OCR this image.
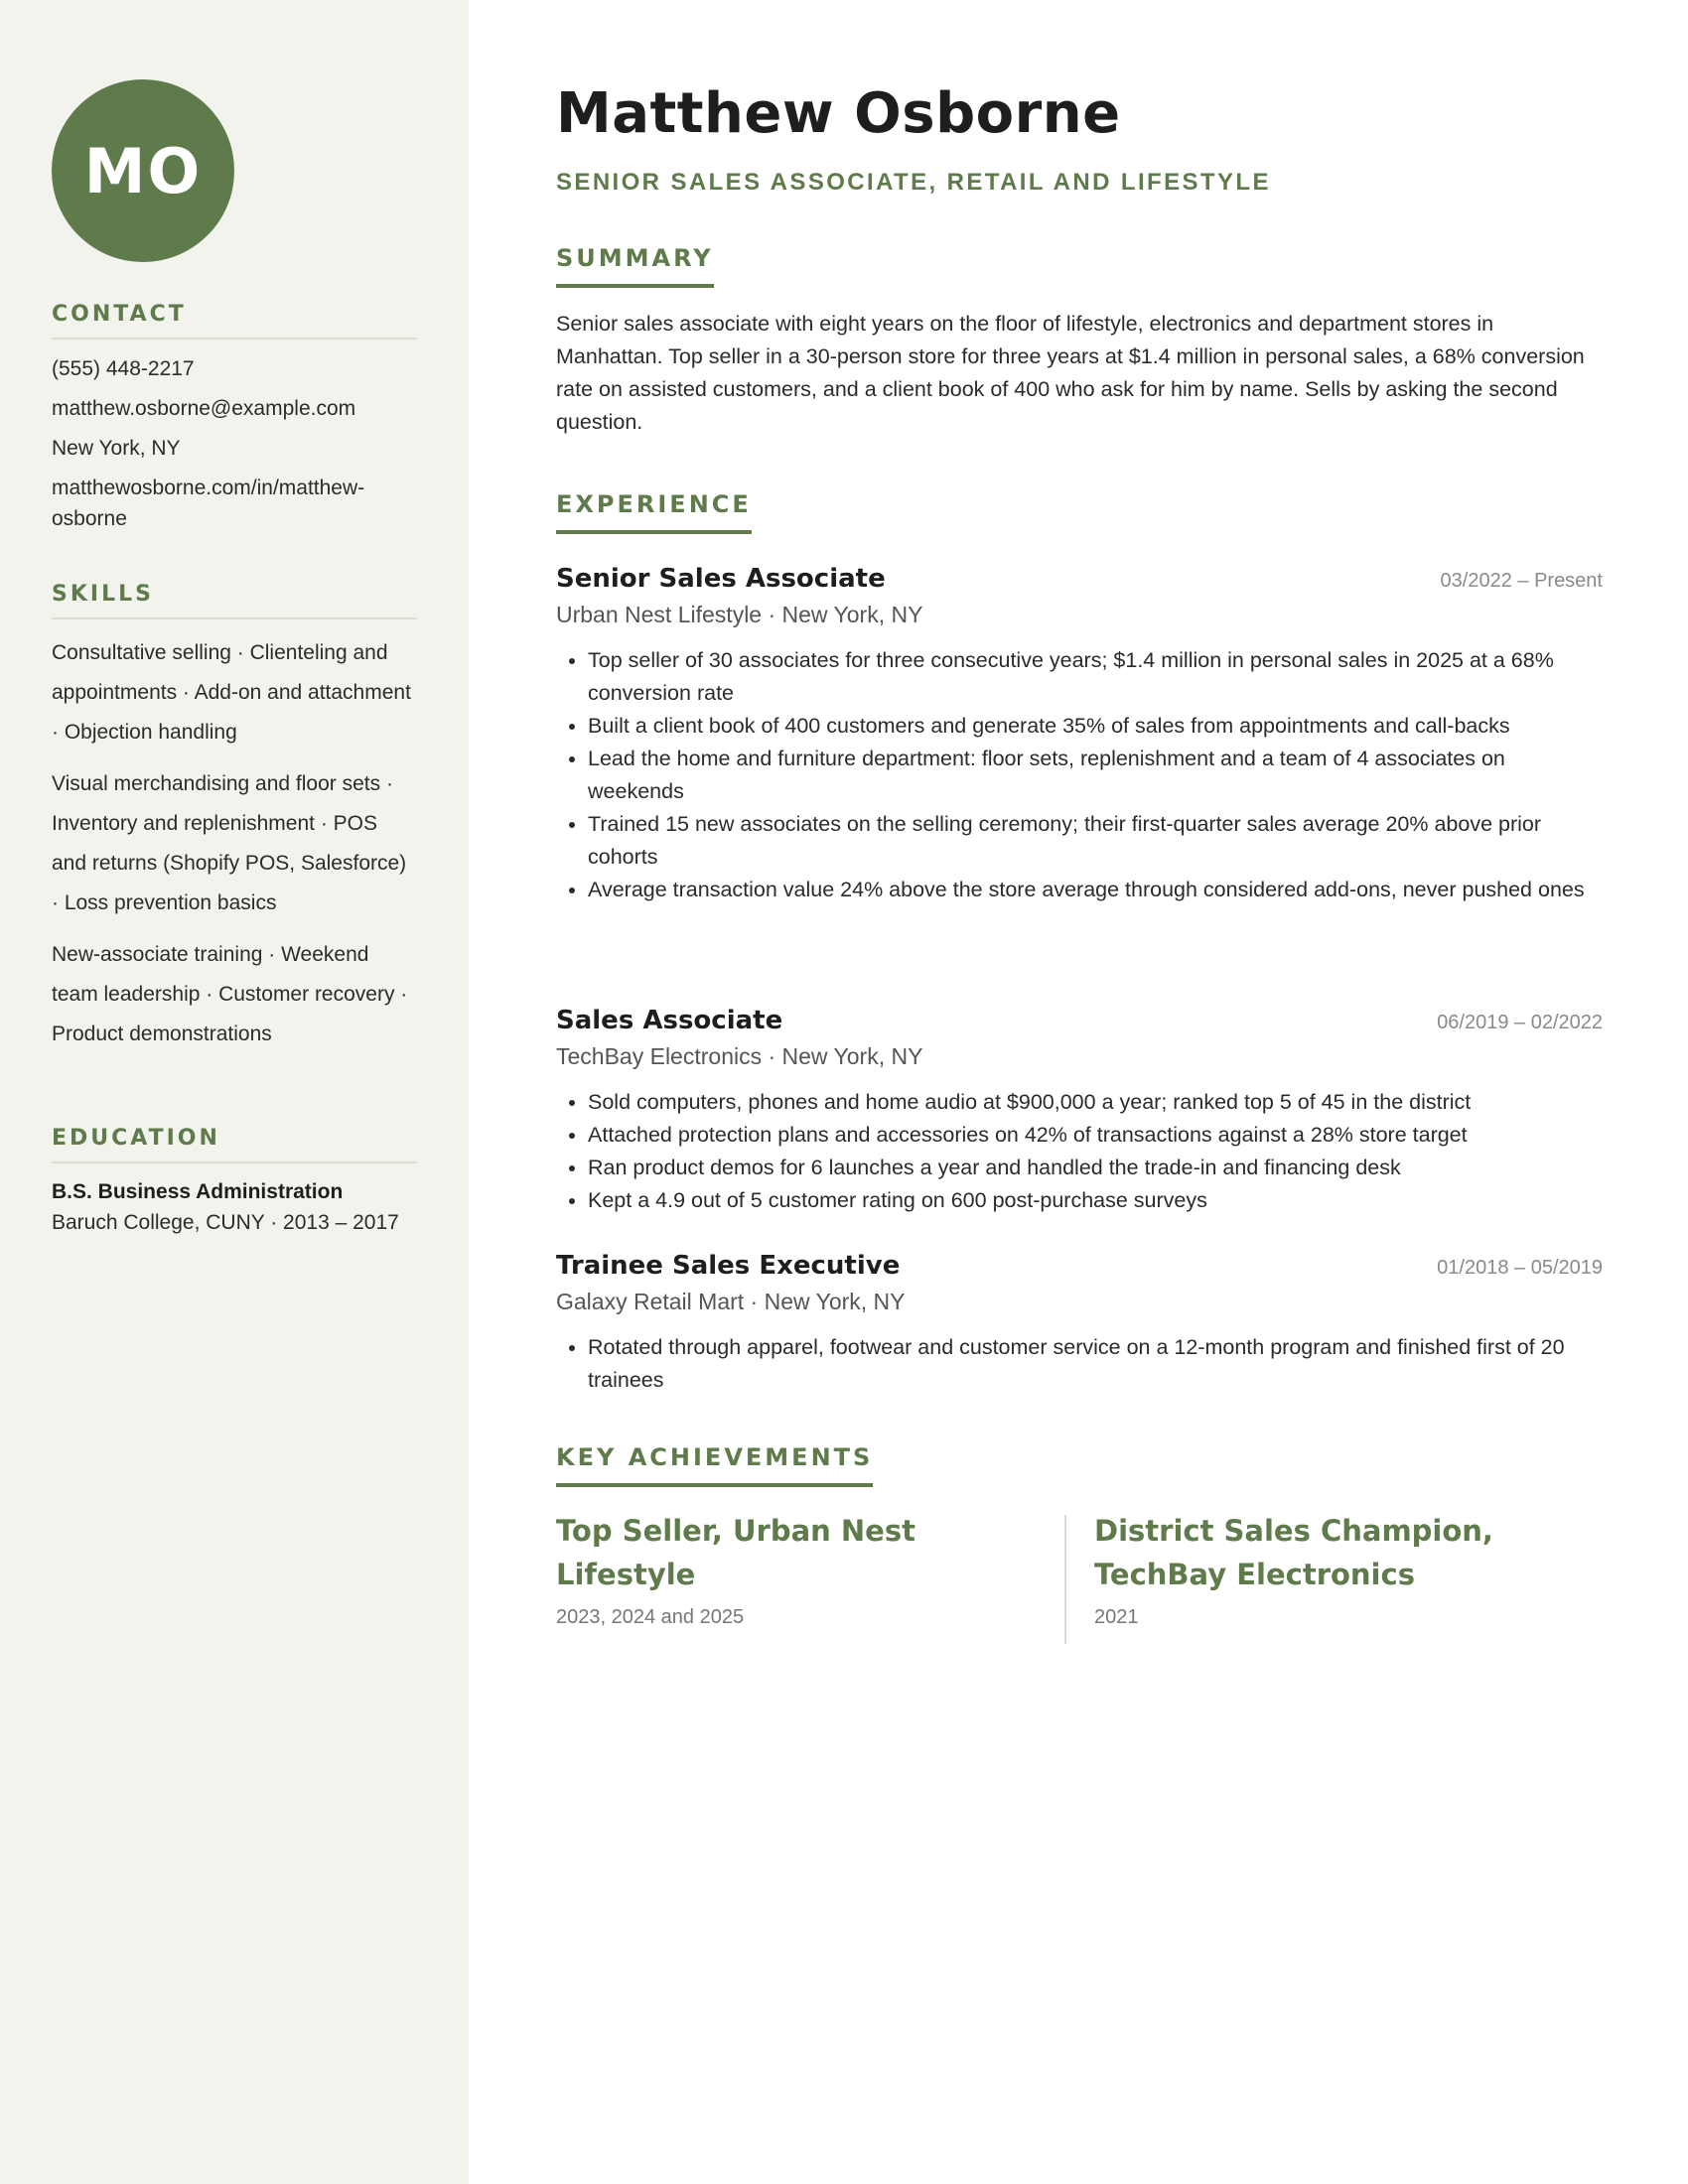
MO
CONTACT
(555) 448-2217
matthew.osborne@example.com
New York, NY
matthewosborne.com/in/matthew-osborne
SKILLS
Consultative selling · Clienteling and appointments · Add-on and attachment · Objection handling
Visual merchandising and floor sets · Inventory and replenishment · POS and returns (Shopify POS, Salesforce) · Loss prevention basics
New-associate training · Weekend team leadership · Customer recovery · Product demonstrations
EDUCATION
B.S. Business Administration
Baruch College, CUNY · 2013 – 2017
Matthew Osborne
SENIOR SALES ASSOCIATE, RETAIL AND LIFESTYLE
SUMMARY
Senior sales associate with eight years on the floor of lifestyle, electronics and department stores in Manhattan. Top seller in a 30-person store for three years at $1.4 million in personal sales, a 68% conversion rate on assisted customers, and a client book of 400 who ask for him by name. Sells by asking the second question.
EXPERIENCE
Senior Sales Associate	03/2022 – Present
Urban Nest Lifestyle · New York, NY
• Top seller of 30 associates for three consecutive years; $1.4 million in personal sales in 2025 at a 68% conversion rate
• Built a client book of 400 customers and generate 35% of sales from appointments and call-backs
• Lead the home and furniture department: floor sets, replenishment and a team of 4 associates on weekends
• Trained 15 new associates on the selling ceremony; their first-quarter sales average 20% above prior cohorts
• Average transaction value 24% above the store average through considered add-ons, never pushed ones
Sales Associate	06/2019 – 02/2022
TechBay Electronics · New York, NY
• Sold computers, phones and home audio at $900,000 a year; ranked top 5 of 45 in the district
• Attached protection plans and accessories on 42% of transactions against a 28% store target
• Ran product demos for 6 launches a year and handled the trade-in and financing desk
• Kept a 4.9 out of 5 customer rating on 600 post-purchase surveys
Trainee Sales Executive	01/2018 – 05/2019
Galaxy Retail Mart · New York, NY
• Rotated through apparel, footwear and customer service on a 12-month program and finished first of 20 trainees
KEY ACHIEVEMENTS
Top Seller, Urban Nest Lifestyle
2023, 2024 and 2025
District Sales Champion, TechBay Electronics
2021
